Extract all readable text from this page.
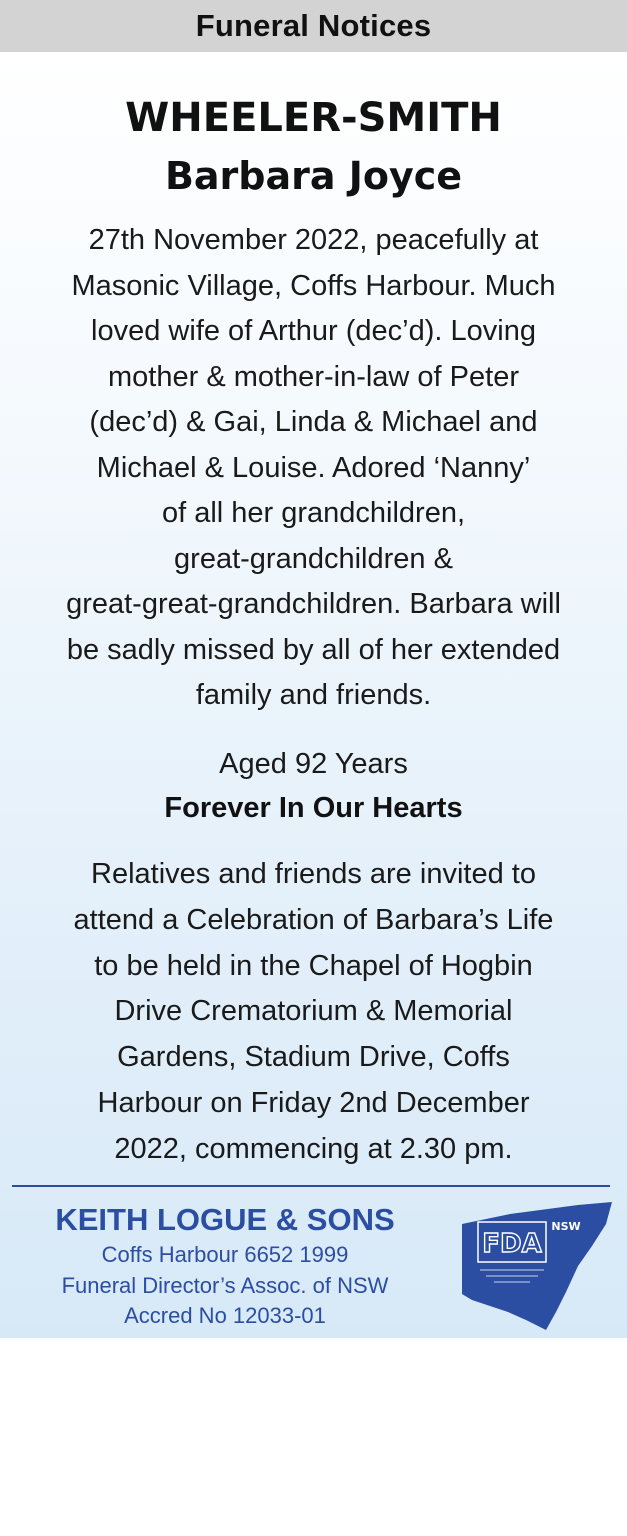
Funeral Notices
WHEELER-SMITH
Barbara Joyce

27th November 2022, peacefully at
Masonic Village, Coffs Harbour. Much
loved wife of Arthur (dec’d). Loving
mother & mother-in-law of Peter
(dec’d) & Gai, Linda & Michael and
Michael & Louise. Adored ‘Nanny’
of all her grandchildren,
great-grandchildren &
great-great-grandchildren. Barbara will
be sadly missed by all of her extended
family and friends.

Aged 92 Years
Forever In Our Hearts

Relatives and friends are invited to
attend a Celebration of Barbara’s Life
to be held in the Chapel of Hogbin
Drive Crematorium & Memorial
Gardens, Stadium Drive, Coffs
Harbour on Friday 2nd December
2022, commencing at 2.30 pm.

KEITH LOGUE & SONS
Coffs Harbour 6652 1999
Funeral Director’s Assoc. of NSW
Accred No 12033-01
FDA
NSW
